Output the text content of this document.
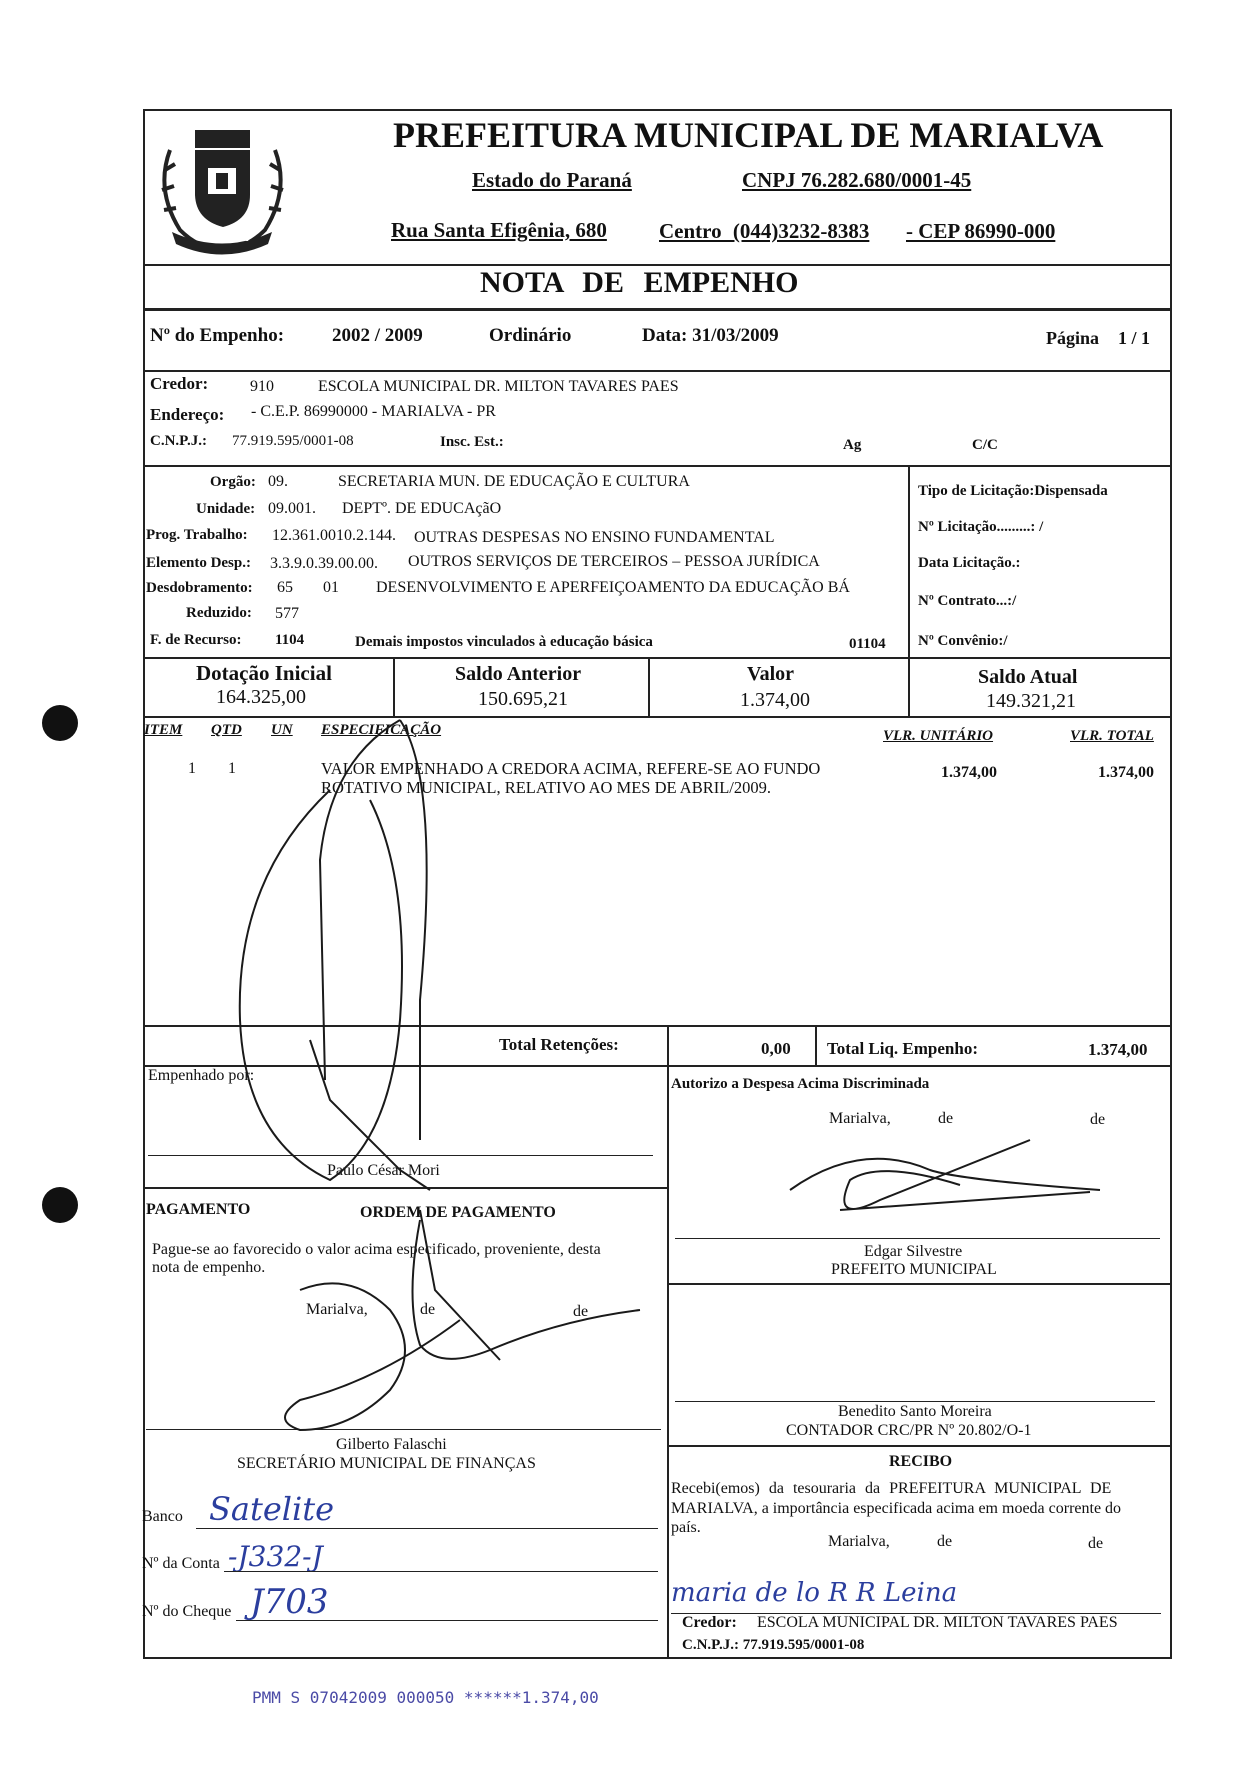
MARIALVA
PREFEITURA MUNICIPAL DE MARIALVA
Estado do Paraná	CNPJ 76.282.680/0001-45
Rua Santa Efigênia, 680 Centro (044)3232-8383 - CEP 86990-000
NOTA DE EMPENHO
Nº do Empenho:	2002 / 2009	Ordinário	Data: 31/03/2009	Página 1 / 1
Credor:	910	ESCOLA MUNICIPAL DR. MILTON TAVARES PAES
Endereço: - C.E.P. 86990000 - MARIALVA - PR
C.N.P.J.: 77.919.595/0001-08	Insc. Est.:	Ag	C/C
Orgão: 09.	SECRETARIA MUN. DE EDUCAÇÃO E CULTURA
Unidade: 09.001. DEPTº. DE EDUCAçãO
Prog. Trabalho: 12.361.0010.2.144. OUTRAS DESPESAS NO ENSINO FUNDAMENTAL
Elemento Desp.: 3.3.9.0.39.00.00. OUTROS SERVIÇOS DE TERCEIROS – PESSOA JURÍDICA
Desdobramento: 65 01 DESENVOLVIMENTO E APERFEIÇOAMENTO DA EDUCAÇÃO BÁ
Reduzido: 577
F. de Recurso: 1104	Demais impostos vinculados à educação básica	01104
Tipo de Licitação:Dispensada
Nº Licitação.........: /
Data Licitação.:
Nº Contrato...:/
Nº Convênio:/
Dotação Inicial
164.325,00
Saldo Anterior
150.695,21
Valor
1.374,00
Saldo Atual
149.321,21
ITEM QTD UN ESPECIFICAÇÃO	VLR. UNITÁRIO	VLR. TOTAL
1 1	VALOR EMPENHADO A CREDORA ACIMA, REFERE-SE AO FUNDO
ROTATIVO MUNICIPAL, RELATIVO AO MES DE ABRIL/2009.
1.374,00	1.374,00
Total Retenções:	0,00 Total Liq. Empenho:	1.374,00
Empenhado por:
Paulo César Mori
Autorizo a Despesa Acima Discriminada
Marialva,	de	de
Edgar Silvestre
PREFEITO MUNICIPAL
PAGAMENTO	ORDEM DE PAGAMENTO
Pague-se ao favorecido o valor acima especificado, proveniente, desta
nota de empenho.
Marialva,	de	de
Gilberto Falaschi
SECRETÁRIO MUNICIPAL DE FINANÇAS
Benedito Santo Moreira
CONTADOR CRC/PR Nº 20.802/O-1
RECIBO
Recebi(emos) da tesouraria da PREFEITURA MUNICIPAL DE
MARIALVA, a importância especificada acima em moeda corrente do
país.
Marialva,	de	de
maria de lo R R Leina
Credor: ESCOLA MUNICIPAL DR. MILTON TAVARES PAES
C.N.P.J.: 77.919.595/0001-08
Banco Satelite
Nº da Conta -J332-J
Nº do Cheque J703
PMM S 07042009 000050 ******1.374,00
